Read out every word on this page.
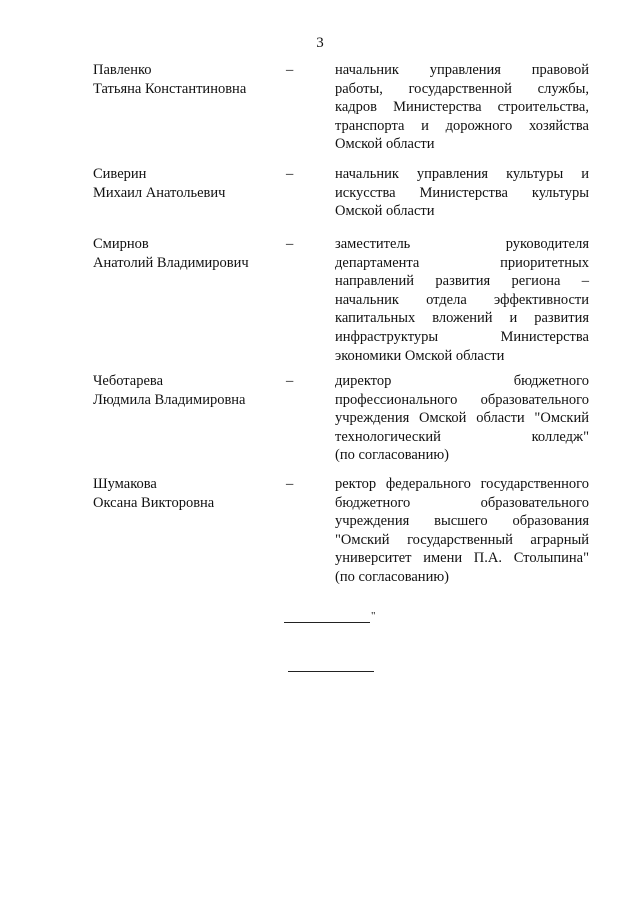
3
Павленко
Татьяна Константиновна
–	начальник управления правовой
работы, государственной службы,
кадров Министерства строительства,
транспорта и дорожного хозяйства
Омской области
Сиверин
Михаил Анатольевич
–	начальник управления культуры и
искусства Министерства культуры
Омской области
Смирнов
Анатолий Владимирович
–	заместитель руководителя
департамента приоритетных
направлений развития региона –
начальник отдела эффективности
капитальных вложений и развития
инфраструктуры Министерства
экономики Омской области
Чеботарева
Людмила Владимировна
–	директор бюджетного
профессионального образовательного
учреждения Омской области "Омский
технологический колледж"
(по согласованию)
Шумакова
Оксана Викторовна
–	ректор федерального государственного
бюджетного образовательного
учреждения высшего образования
"Омский государственный аграрный
университет имени П.А. Столыпина"
(по согласованию)
"
